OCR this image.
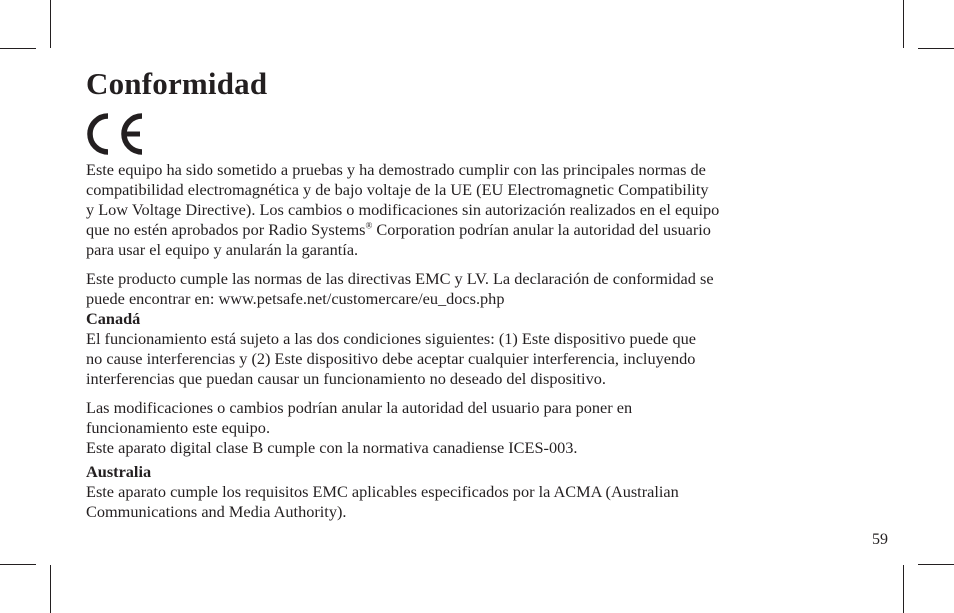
Conformidad
Este equipo ha sido sometido a pruebas y ha demostrado cumplir con las principales normas de
compatibilidad electromagnética y de bajo voltaje de la UE (EU Electromagnetic Compatibility
y Low Voltage Directive). Los cambios o modificaciones sin autorización realizados en el equipo
que no estén aprobados por Radio Systems® Corporation podrían anular la autoridad del usuario
para usar el equipo y anularán la garantía.
Este producto cumple las normas de las directivas EMC y LV. La declaración de conformidad se
puede encontrar en: www.petsafe.net/customercare/eu_docs.php
Canadá
El funcionamiento está sujeto a las dos condiciones siguientes: (1) Este dispositivo puede que
no cause interferencias y (2) Este dispositivo debe aceptar cualquier interferencia, incluyendo
interferencias que puedan causar un funcionamiento no deseado del dispositivo.
Las modificaciones o cambios podrían anular la autoridad del usuario para poner en
funcionamiento este equipo.
Este aparato digital clase B cumple con la normativa canadiense ICES-003.
Australia
Este aparato cumple los requisitos EMC aplicables especificados por la ACMA (Australian
Communications and Media Authority).
59
